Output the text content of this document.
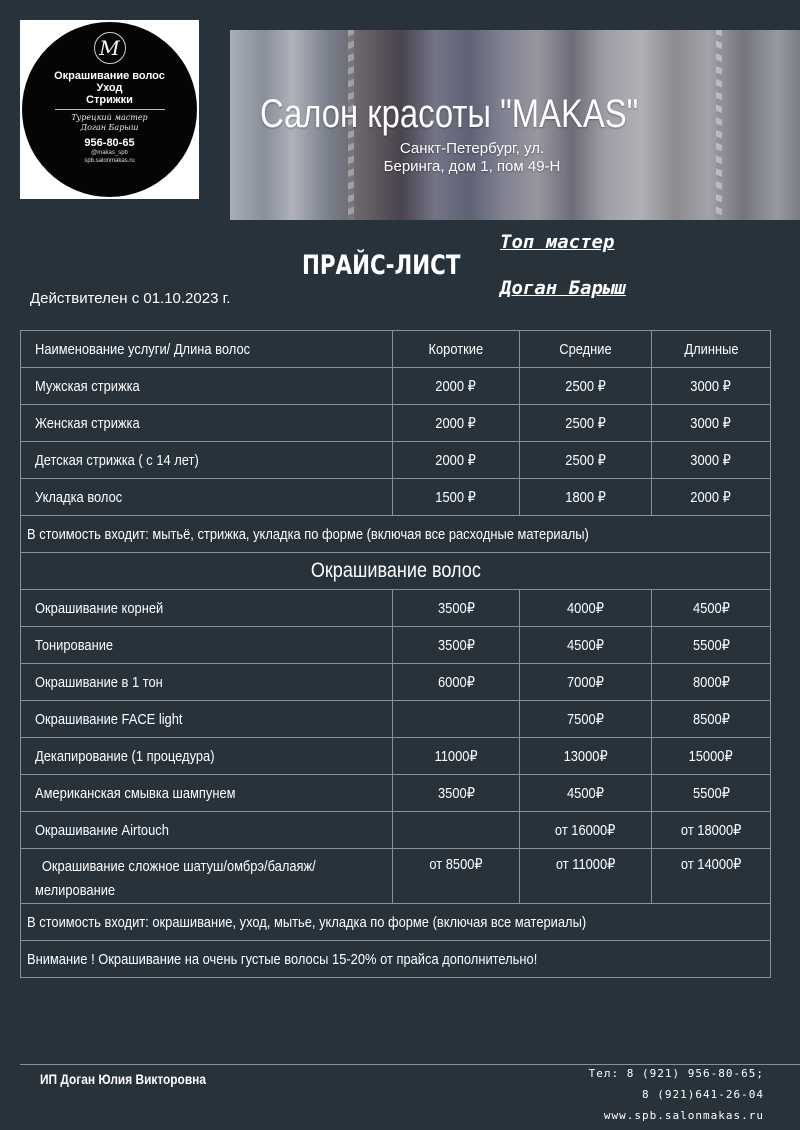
M
Окрашивание волос
Уход
Стрижки
Турецкий мастер
Доган Барыш
956-80-65
@makas_spb
spb.salonmakas.ru
Салон красоты "MAKAS"
Санкт-Петербург, ул.
Беринга, дом 1, пом 49-Н
ПРАЙС-ЛИСТ
Действителен с 01.10.2023 г.
Топ мастер
Доган Барыш
Наименование услуги/ Длина волос	Короткие	Средние	Длинные
Мужская стрижка	2000 ₽	2500 ₽	3000 ₽
Женская стрижка	2000 ₽	2500 ₽	3000 ₽
Детская стрижка ( с 14 лет)	2000 ₽	2500 ₽	3000 ₽
Укладка волос	1500 ₽	1800 ₽	2000 ₽
В стоимость входит: мытьё, стрижка, укладка по форме (включая все расходные материалы)			
Окрашивание волос			
Окрашивание корней	3500₽	4000₽	4500₽
Тонирование	3500₽	4500₽	5500₽
Окрашивание в 1 тон	6000₽	7000₽	8000₽
Окрашивание FACE light		7500₽	8500₽
Декапирование (1 процедура)	11000₽	13000₽	15000₽
Американская смывка шампунем	3500₽	4500₽	5500₽
Окрашивание Airtouch		от 16000₽	от 18000₽
Окрашивание сложное шатуш/омбрэ/балаяж/
мелирование	от 8500₽	от 11000₽	от 14000₽
В стоимость входит: окрашивание, уход, мытье, укладка по форме (включая все материалы)			
Внимание ! Окрашивание на очень густые волосы 15-20% от прайса дополнительно!			
ИП Доган Юлия Викторовна	Тел: 8 (921) 956-80-65;
8 (921)641-26-04
www.spb.salonmakas.ru
